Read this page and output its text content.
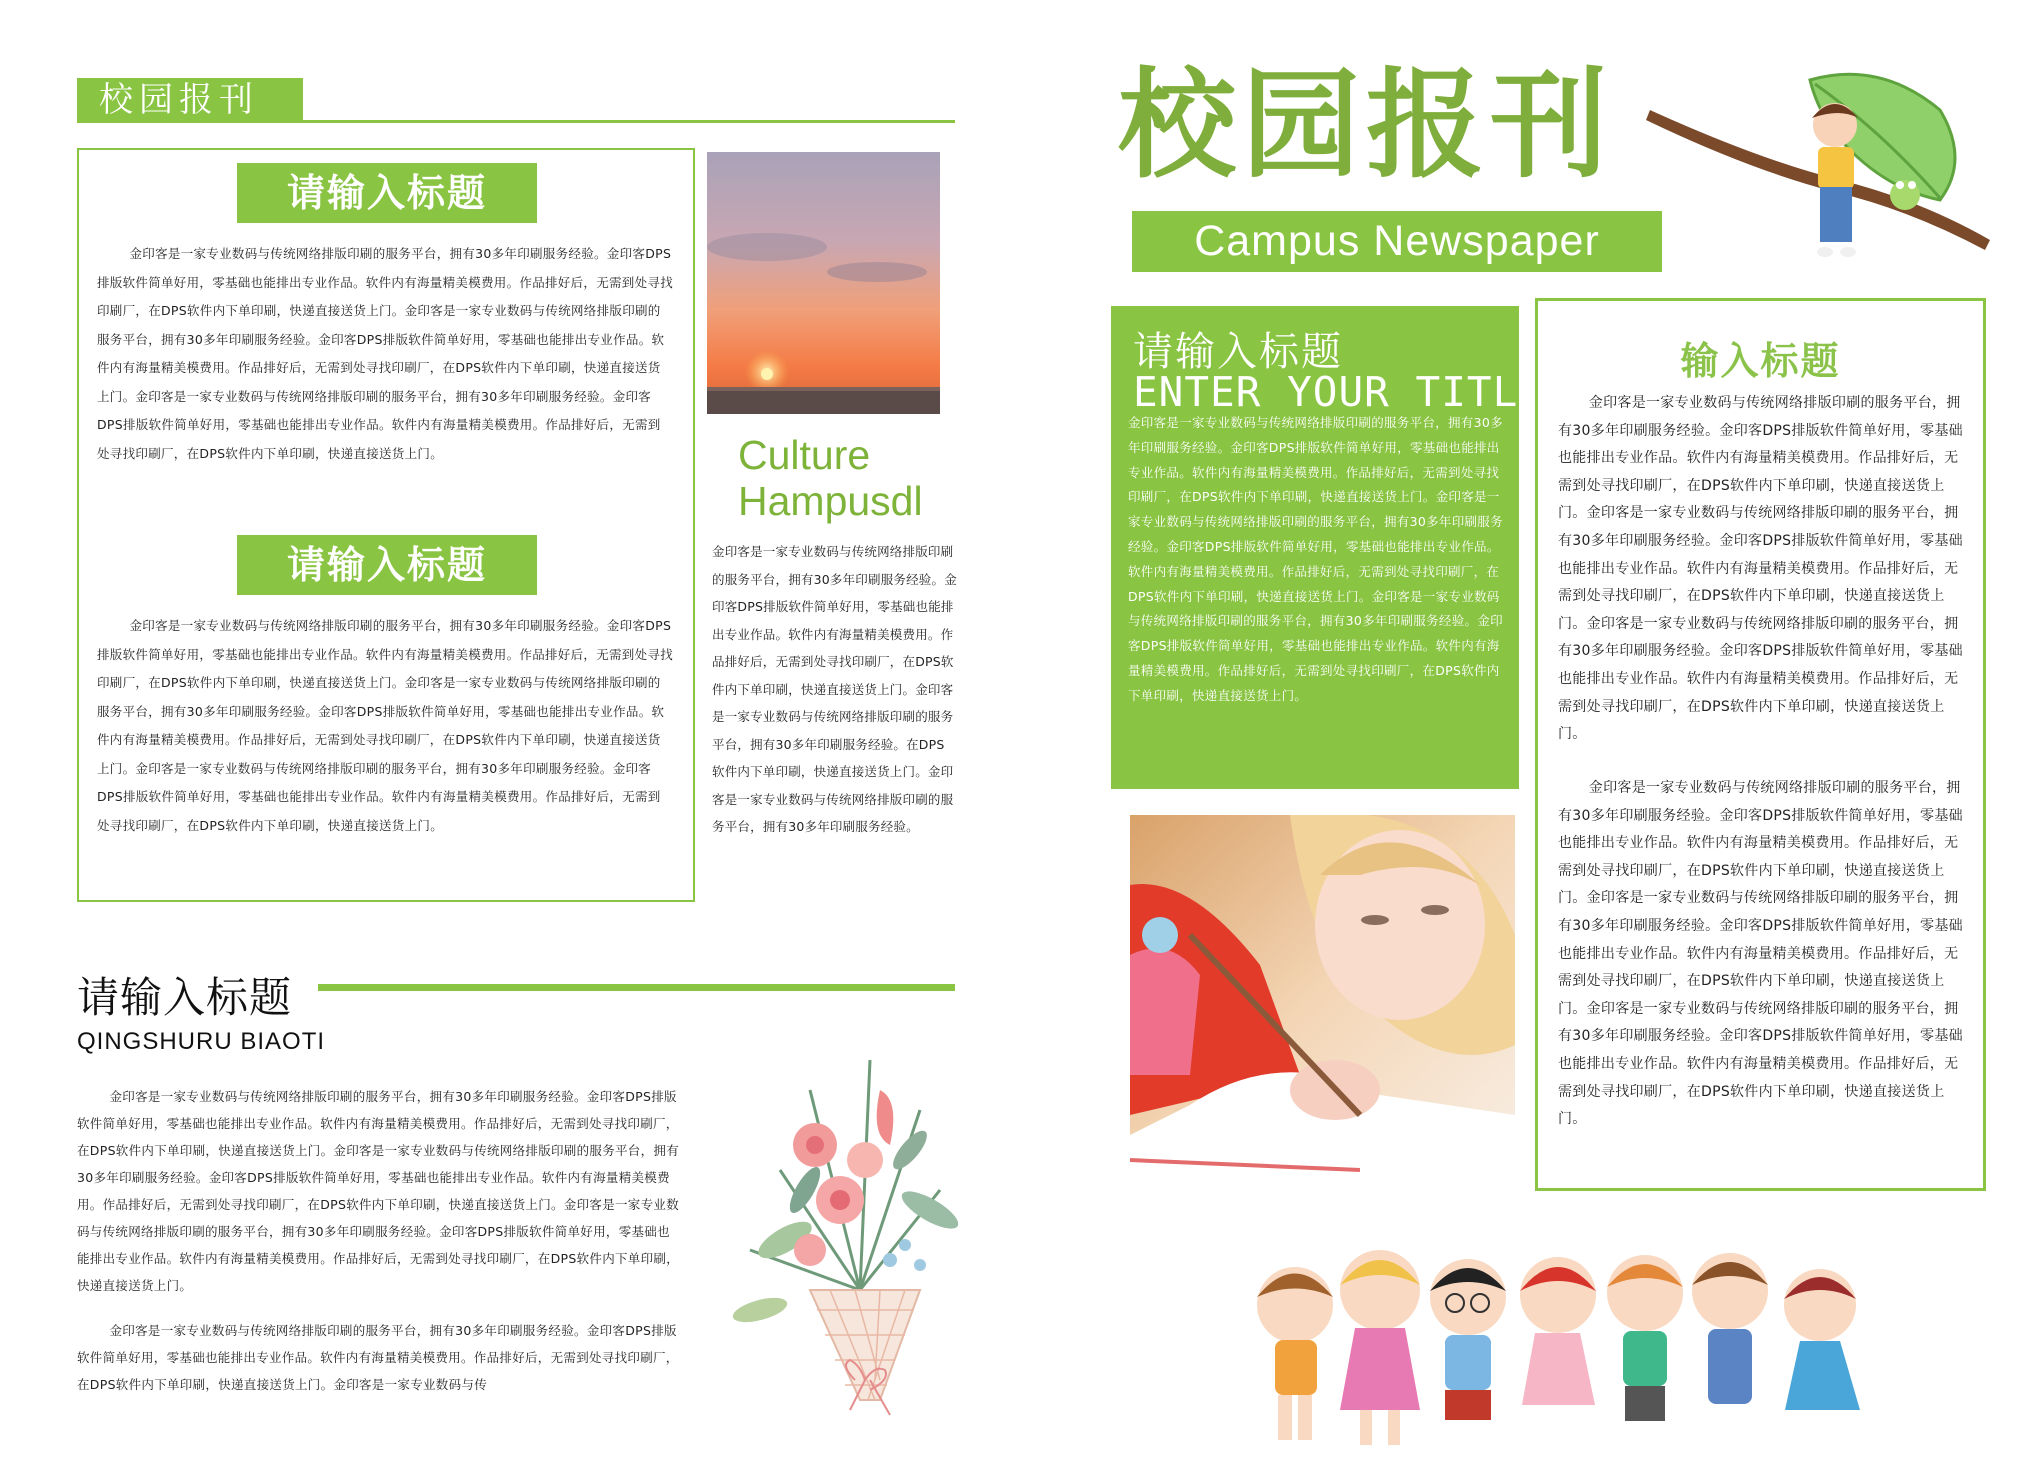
校园报刊
请输入标题
金印客是一家专业数码与传统网络排版印刷的服务平台，拥有30多年印刷服务经验。金印客DPS排版软件简单好用，零基础也能排出专业作品。软件内有海量精美模费用。作品排好后，无需到处寻找印刷厂，在DPS软件内下单印刷，快递直接送货上门。金印客是一家专业数码与传统网络排版印刷的服务平台，拥有30多年印刷服务经验。金印客DPS排版软件简单好用，零基础也能排出专业作品。软件内有海量精美模费用。作品排好后，无需到处寻找印刷厂，在DPS软件内下单印刷，快递直接送货上门。金印客是一家专业数码与传统网络排版印刷的服务平台，拥有30多年印刷服务经验。金印客DPS排版软件简单好用，零基础也能排出专业作品。软件内有海量精美模费用。作品排好后，无需到处寻找印刷厂，在DPS软件内下单印刷，快递直接送货上门。
请输入标题
金印客是一家专业数码与传统网络排版印刷的服务平台，拥有30多年印刷服务经验。金印客DPS排版软件简单好用，零基础也能排出专业作品。软件内有海量精美模费用。作品排好后，无需到处寻找印刷厂，在DPS软件内下单印刷，快递直接送货上门。金印客是一家专业数码与传统网络排版印刷的服务平台，拥有30多年印刷服务经验。金印客DPS排版软件简单好用，零基础也能排出专业作品。软件内有海量精美模费用。作品排好后，无需到处寻找印刷厂，在DPS软件内下单印刷，快递直接送货上门。金印客是一家专业数码与传统网络排版印刷的服务平台，拥有30多年印刷服务经验。金印客DPS排版软件简单好用，零基础也能排出专业作品。软件内有海量精美模费用。作品排好后，无需到处寻找印刷厂，在DPS软件内下单印刷，快递直接送货上门。
Culture
Hampusdl
金印客是一家专业数码与传统网络排版印刷的服务平台，拥有30多年印刷服务经验。金印客DPS排版软件简单好用，零基础也能排出专业作品。软件内有海量精美模费用。作品排好后，无需到处寻找印刷厂，在DPS软件内下单印刷，快递直接送货上门。金印客是一家专业数码与传统网络排版印刷的服务平台，拥有30多年印刷服务经验。在DPS软件内下单印刷，快递直接送货上门。金印客是一家专业数码与传统网络排版印刷的服务平台，拥有30多年印刷服务经验。
请输入标题
QINGSHURU BIAOTI
金印客是一家专业数码与传统网络排版印刷的服务平台，拥有30多年印刷服务经验。金印客DPS排版软件简单好用，零基础也能排出专业作品。软件内有海量精美模费用。作品排好后，无需到处寻找印刷厂，在DPS软件内下单印刷，快递直接送货上门。金印客是一家专业数码与传统网络排版印刷的服务平台，拥有30多年印刷服务经验。金印客DPS排版软件简单好用，零基础也能排出专业作品。软件内有海量精美模费用。作品排好后，无需到处寻找印刷厂，在DPS软件内下单印刷，快递直接送货上门。金印客是一家专业数码与传统网络排版印刷的服务平台，拥有30多年印刷服务经验。金印客DPS排版软件简单好用，零基础也能排出专业作品。软件内有海量精美模费用。作品排好后，无需到处寻找印刷厂，在DPS软件内下单印刷，快递直接送货上门。
金印客是一家专业数码与传统网络排版印刷的服务平台，拥有30多年印刷服务经验。金印客DPS排版软件简单好用，零基础也能排出专业作品。软件内有海量精美模费用。作品排好后，无需到处寻找印刷厂，在DPS软件内下单印刷，快递直接送货上门。金印客是一家专业数码与传
校园报刊
Campus Newspaper
请输入标题
ENTER YOUR TITLE
金印客是一家专业数码与传统网络排版印刷的服务平台，拥有30多年印刷服务经验。金印客DPS排版软件简单好用，零基础也能排出专业作品。软件内有海量精美模费用。作品排好后，无需到处寻找印刷厂，在DPS软件内下单印刷，快递直接送货上门。金印客是一家专业数码与传统网络排版印刷的服务平台，拥有30多年印刷服务经验。金印客DPS排版软件简单好用，零基础也能排出专业作品。软件内有海量精美模费用。作品排好后，无需到处寻找印刷厂，在DPS软件内下单印刷，快递直接送货上门。金印客是一家专业数码与传统网络排版印刷的服务平台，拥有30多年印刷服务经验。金印客DPS排版软件简单好用，零基础也能排出专业作品。软件内有海量精美模费用。作品排好后，无需到处寻找印刷厂，在DPS软件内下单印刷，快递直接送货上门。
输入标题
金印客是一家专业数码与传统网络排版印刷的服务平台，拥有30多年印刷服务经验。金印客DPS排版软件简单好用，零基础也能排出专业作品。软件内有海量精美模费用。作品排好后，无需到处寻找印刷厂，在DPS软件内下单印刷，快递直接送货上门。金印客是一家专业数码与传统网络排版印刷的服务平台，拥有30多年印刷服务经验。金印客DPS排版软件简单好用，零基础也能排出专业作品。软件内有海量精美模费用。作品排好后，无需到处寻找印刷厂，在DPS软件内下单印刷，快递直接送货上门。金印客是一家专业数码与传统网络排版印刷的服务平台，拥有30多年印刷服务经验。金印客DPS排版软件简单好用，零基础也能排出专业作品。软件内有海量精美模费用。作品排好后，无需到处寻找印刷厂，在DPS软件内下单印刷，快递直接送货上门。
金印客是一家专业数码与传统网络排版印刷的服务平台，拥有30多年印刷服务经验。金印客DPS排版软件简单好用，零基础也能排出专业作品。软件内有海量精美模费用。作品排好后，无需到处寻找印刷厂，在DPS软件内下单印刷，快递直接送货上门。金印客是一家专业数码与传统网络排版印刷的服务平台，拥有30多年印刷服务经验。金印客DPS排版软件简单好用，零基础也能排出专业作品。软件内有海量精美模费用。作品排好后，无需到处寻找印刷厂，在DPS软件内下单印刷，快递直接送货上门。金印客是一家专业数码与传统网络排版印刷的服务平台，拥有30多年印刷服务经验。金印客DPS排版软件简单好用，零基础也能排出专业作品。软件内有海量精美模费用。作品排好后，无需到处寻找印刷厂，在DPS软件内下单印刷，快递直接送货上门。
